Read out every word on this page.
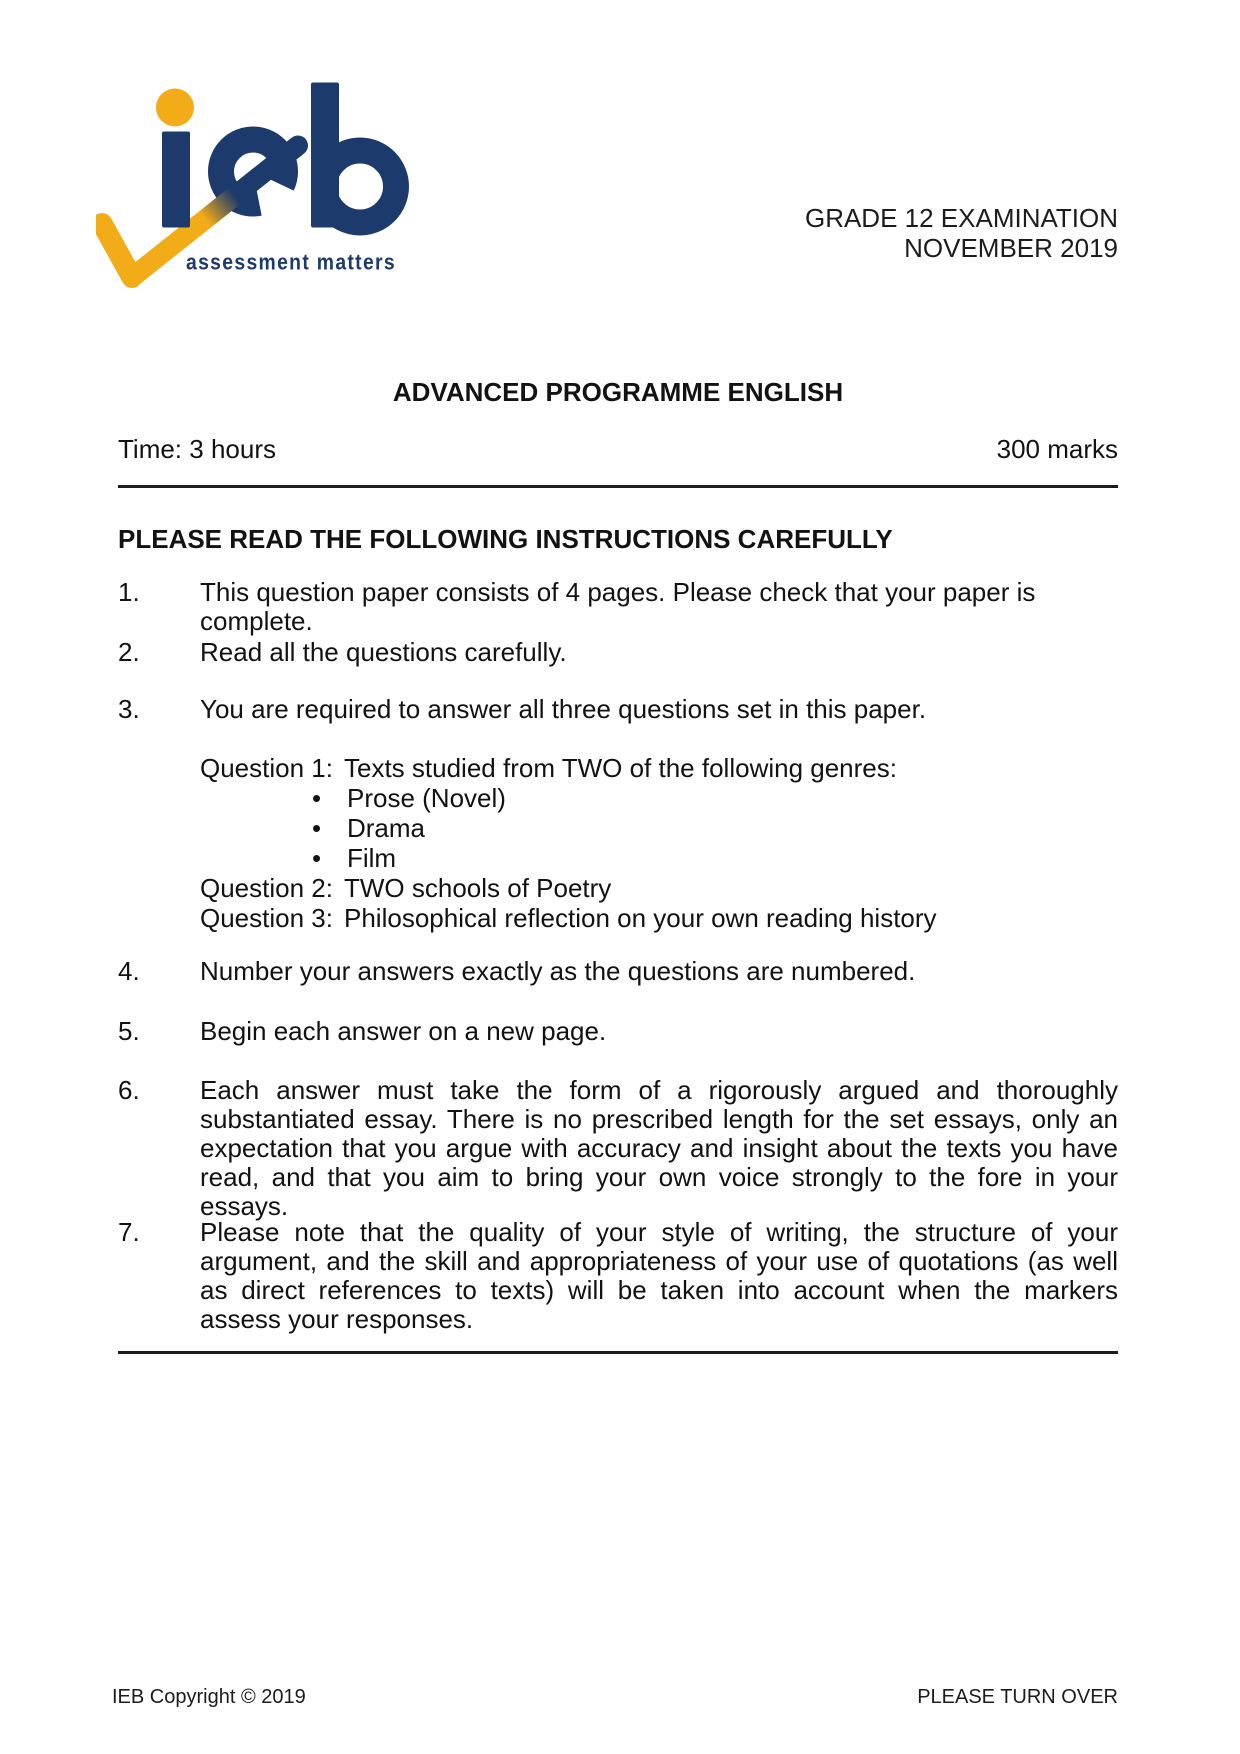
assessment matters
GRADE 12 EXAMINATION
NOVEMBER 2019
ADVANCED PROGRAMME ENGLISH
Time: 3 hours	300 marks
PLEASE READ THE FOLLOWING INSTRUCTIONS CAREFULLY
1. This question paper consists of 4 pages. Please check that your paper is complete.
2. Read all the questions carefully.
3. You are required to answer all three questions set in this paper.
Question 1: Texts studied from TWO of the following genres:
• Prose (Novel)
• Drama
• Film
Question 2: TWO schools of Poetry
Question 3: Philosophical reflection on your own reading history
4. Number your answers exactly as the questions are numbered.
5. Begin each answer on a new page.
6. Each answer must take the form of a rigorously argued and thoroughly substantiated essay. There is no prescribed length for the set essays, only an expectation that you argue with accuracy and insight about the texts you have read, and that you aim to bring your own voice strongly to the fore in your essays.
7. Please note that the quality of your style of writing, the structure of your argument, and the skill and appropriateness of your use of quotations (as well as direct references to texts) will be taken into account when the markers assess your responses.
IEB Copyright © 2019	PLEASE TURN OVER
